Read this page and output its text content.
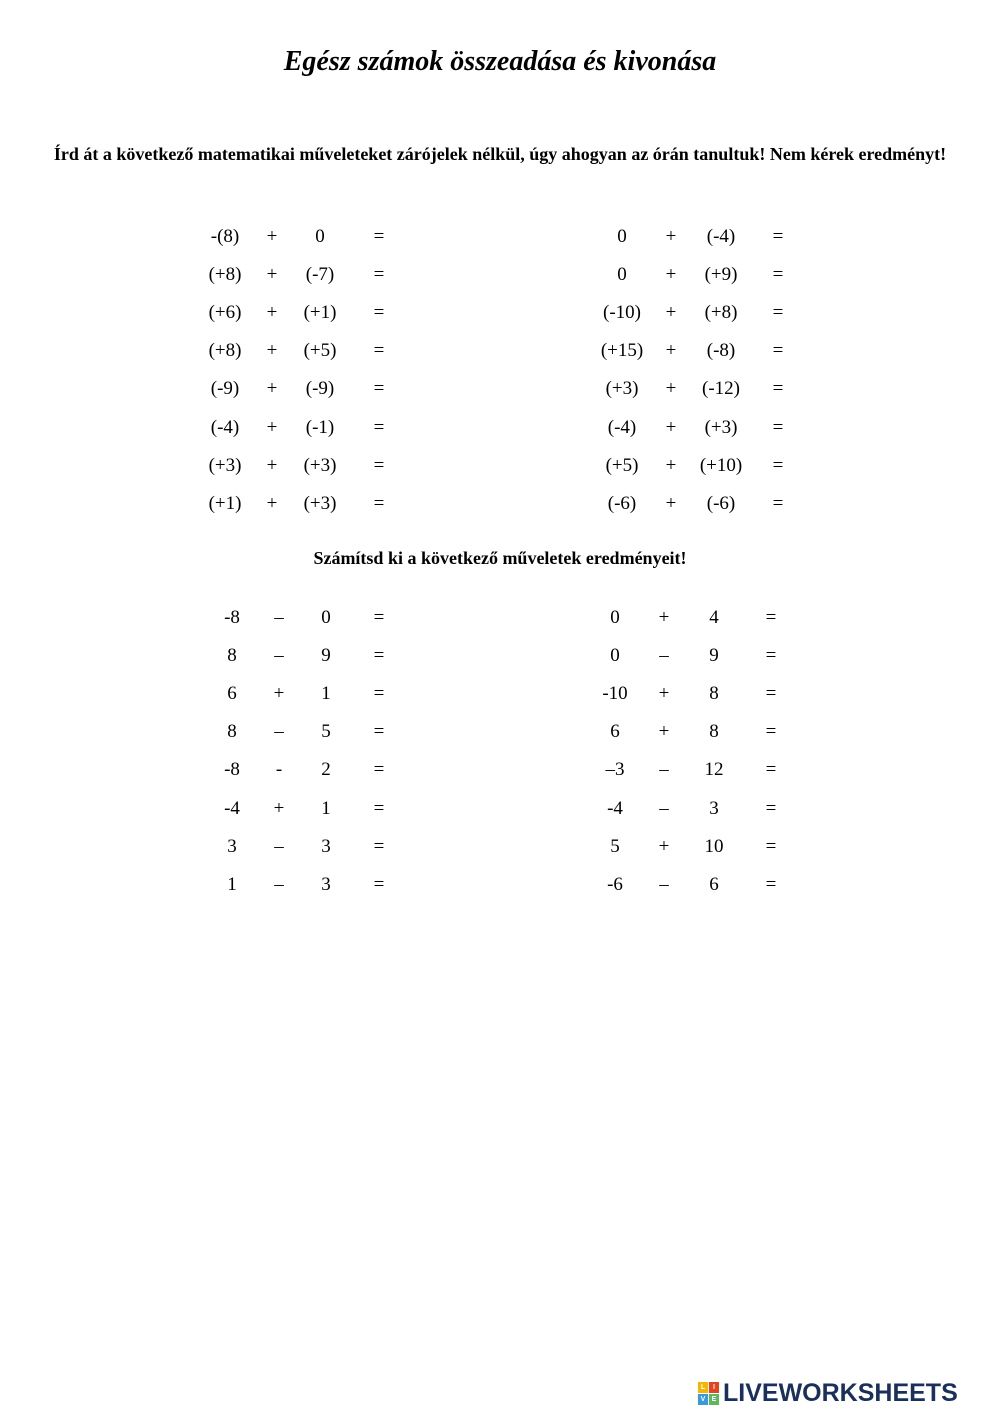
Egész számok összeadása és kivonása
Írd át a következő matematikai műveleteket zárójelek nélkül, úgy ahogyan az órán tanultuk! Nem kérek eredményt!
-(8)	+	0	=
(+8)	+	(-7)	=
(+6)	+	(+1)	=
(+8)	+	(+5)	=
(-9)	+	(-9)	=
(-4)	+	(-1)	=
(+3)	+	(+3)	=
(+1)	+	(+3)	=
0	+	(-4)	=
0	+	(+9)	=
(-10)	+	(+8)	=
(+15)	+	(-8)	=
(+3)	+	(-12)	=
(-4)	+	(+3)	=
(+5)	+	(+10)	=
(-6)	+	(-6)	=
Számítsd ki a következő műveletek eredményeit!
-8	–	0	=
8	–	9	=
6	+	1	=
8	–	5	=
-8	-	2	=
-4	+	1	=
3	–	3	=
1	–	3	=
0	+	4	=
0	–	9	=
-10	+	8	=
6	+	8	=
–3	–	12	=
-4	–	3	=
5	+	10	=
-6	–	6	=
L	I
V E LIVEWORKSHEETS
